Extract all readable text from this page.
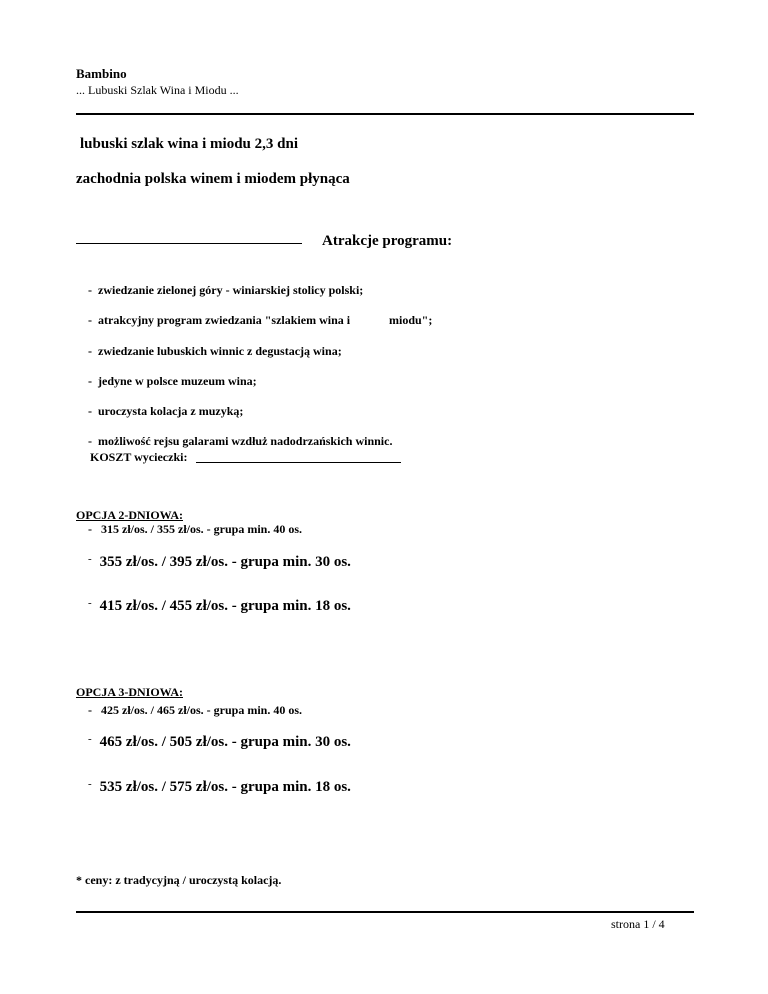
Bambino
... Lubuski Szlak Wina i Miodu ...
lubuski szlak wina i miodu 2,3 dni
zachodnia polska winem i miodem płynąca
Atrakcje programu:
- zwiedzanie zielonej góry - winiarskiej stolicy polski;
- atrakcyjny program zwiedzania "szlakiem wina i	miodu";
- zwiedzanie lubuskich winnic z degustacją wina;
- jedyne w polsce muzeum wina;
- uroczysta kolacja z muzyką;
- możliwość rejsu galarami wzdłuż nadodrzańskich winnic.
KOSZT wycieczki:
OPCJA 2-DNIOWA:
- 315 zł/os. / 355 zł/os. - grupa min. 40 os.
- 355 zł/os. / 395 zł/os. - grupa min. 30 os.
- 415 zł/os. / 455 zł/os. - grupa min. 18 os.
OPCJA 3-DNIOWA:
- 425 zł/os. / 465 zł/os. - grupa min. 40 os.
- 465 zł/os. / 505 zł/os. - grupa min. 30 os.
- 535 zł/os. / 575 zł/os. - grupa min. 18 os.
* ceny: z tradycyjną / uroczystą kolacją.
strona 1 / 4
